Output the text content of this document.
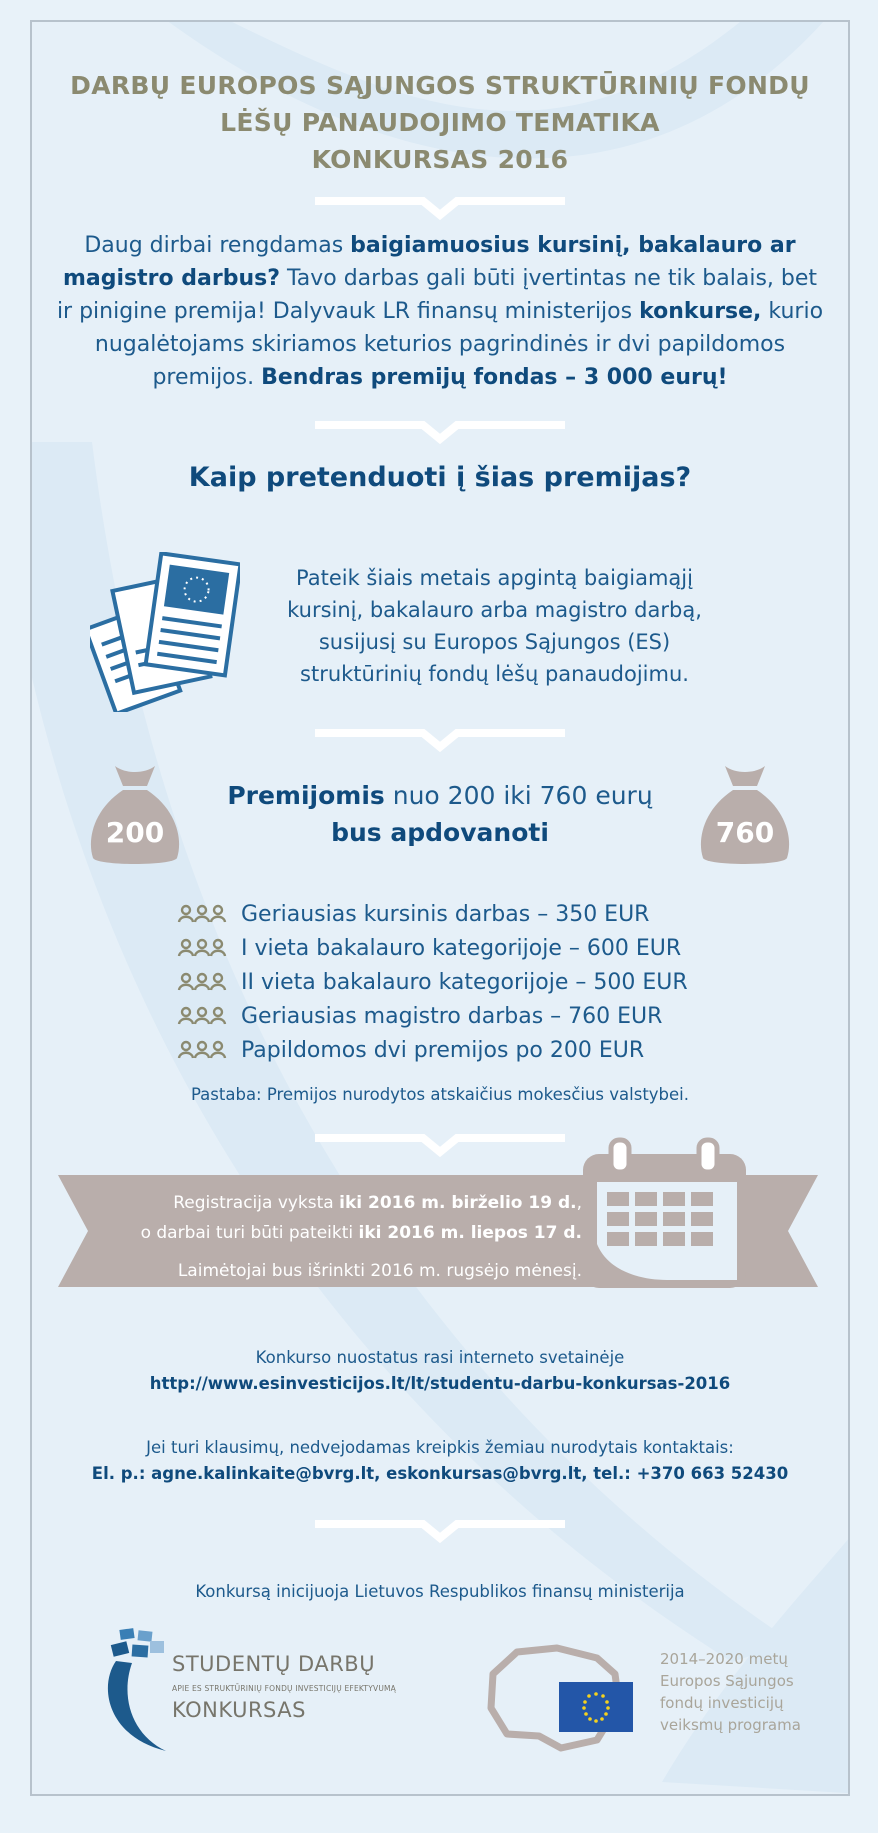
DARBŲ EUROPOS SĄJUNGOS STRUKTŪRINIŲ FONDŲ
LĖŠŲ PANAUDOJIMO TEMATIKA
KONKURSAS 2016
Daug dirbai rengdamas baigiamuosius kursinį, bakalauro ar magistro darbus? Tavo darbas gali būti įvertintas ne tik balais, bet ir pinigine premija! Dalyvauk LR finansų ministerijos konkurse, kurio nugalėtojams skiriamos keturios pagrindinės ir dvi papildomos premijos. Bendras premijų fondas – 3 000 eurų!
Kaip pretenduoti į šias premijas?
Pateik šiais metais apgintą baigiamąjį kursinį, bakalauro arba magistro darbą, susijusį su Europos Sąjungos (ES) struktūrinių fondų lėšų panaudojimu.
200	760
Premijomis nuo 200 iki 760 eurų
bus apdovanoti
Geriausias kursinis darbas – 350 EUR
I vieta bakalauro kategorijoje – 600 EUR
II vieta bakalauro kategorijoje – 500 EUR
Geriausias magistro darbas – 760 EUR
Papildomos dvi premijos po 200 EUR
Pastaba: Premijos nurodytos atskaičius mokesčius valstybei.
Registracija vyksta iki 2016 m. birželio 19 d.,
o darbai turi būti pateikti iki 2016 m. liepos 17 d.
Laimėtojai bus išrinkti 2016 m. rugsėjo mėnesį.
Konkurso nuostatus rasi interneto svetainėje
http://www.esinvesticijos.lt/lt/studentu-darbu-konkursas-2016
Jei turi klausimų, nedvejodamas kreipkis žemiau nurodytais kontaktais:
El. p.: agne.kalinkaite@bvrg.lt, eskonkursas@bvrg.lt, tel.: +370 663 52430
Konkursą inicijuoja Lietuvos Respublikos finansų ministerija
STUDENTŲ DARBŲ
APIE ES STRUKTŪRINIŲ FONDŲ INVESTICIJŲ EFEKTYVUMĄ
KONKURSAS
2014–2020 metų
Europos Sąjungos
fondų investicijų
veiksmų programa
